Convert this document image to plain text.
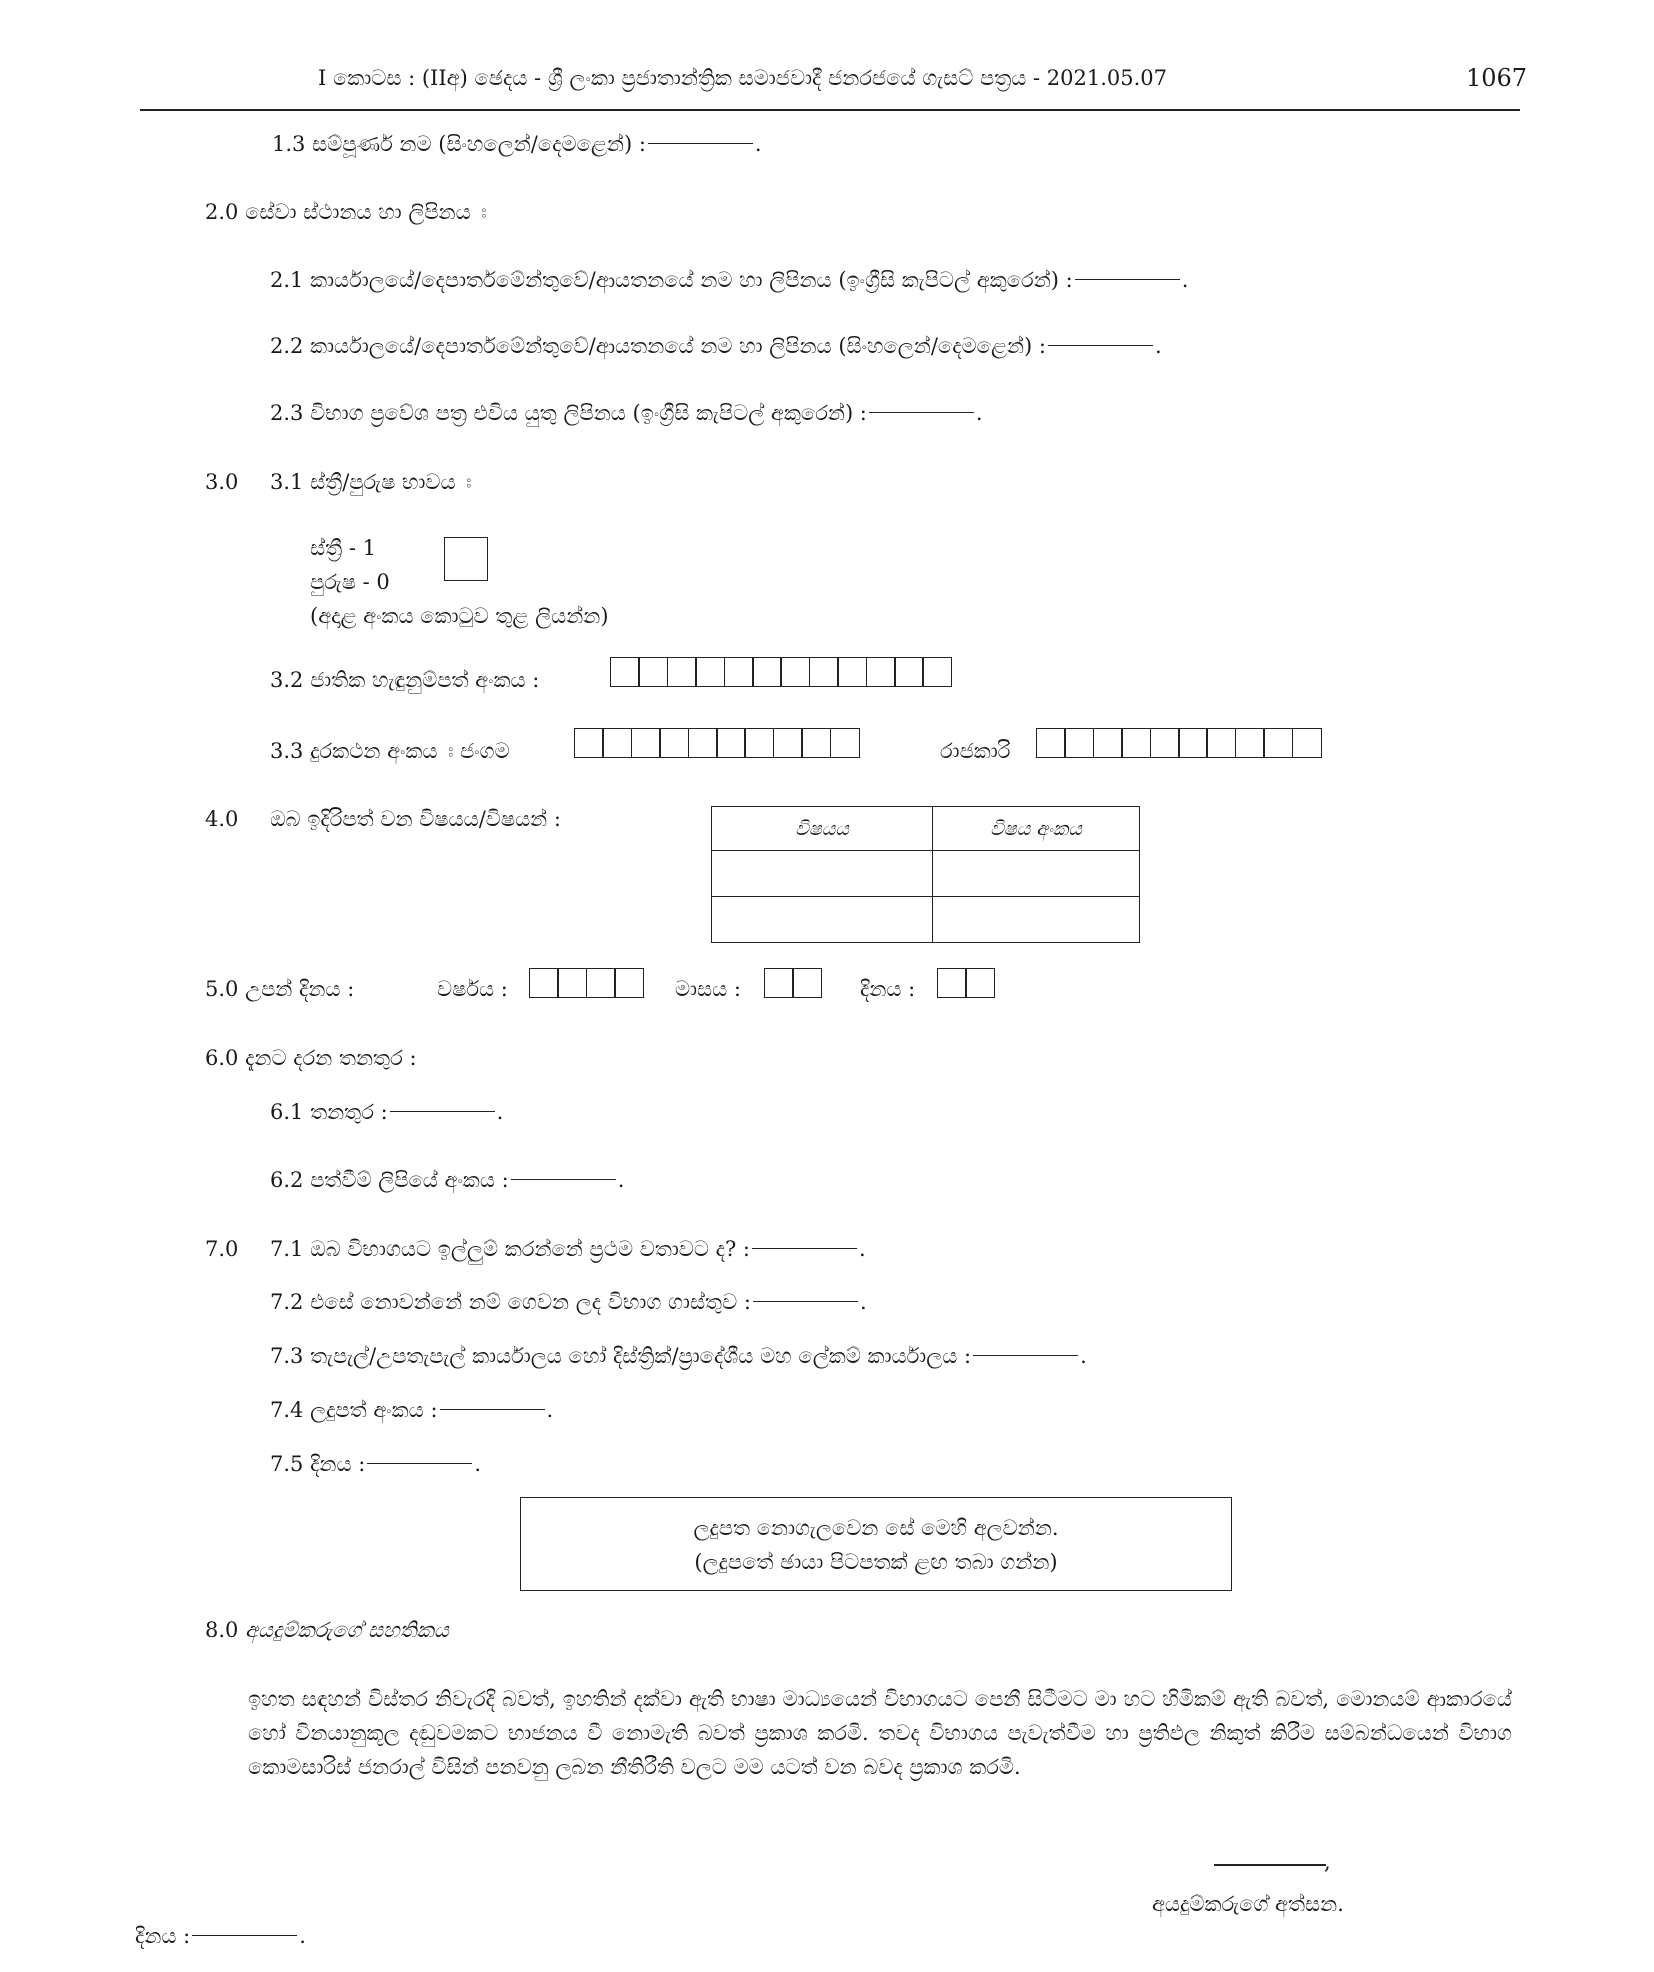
I කොටස : (IIඅ) ඡෙදය - ශ්‍රී ලංකා ප්‍රජාතාන්ත්‍රික සමාජවාදී ජනරජයේ ගැසට් පත්‍රය - 2021.05.07	1067
1.3 සම්පූර්ණ නම (සිංහලෙන්/දෙමළෙන්) :	.
2.0 සේවා ස්ථානය හා ලිපිනය ඃ
2.1 කාර්යාලයේ/දෙපාර්තමේන්තුවේ/ආයතනයේ නම හා ලිපිනය (ඉංග්‍රීසි කැපිටල් අකුරෙන්) :	.
2.2 කාර්යාලයේ/දෙපාර්තමේන්තුවේ/ආයතනයේ නම හා ලිපිනය (සිංහලෙන්/දෙමළෙන්) :	.
2.3 විභාග ප්‍රවේශ පත්‍ර එවිය යුතු ලිපිනය (ඉංග්‍රීසි කැපිටල් අකුරෙන්) :	.
3.0 3.1 ස්ත්‍රී/පුරුෂ භාවය ඃ
ස්ත්‍රී - 1
පුරුෂ - 0
(අදාළ අංකය කොටුව තුළ ලියන්න)
3.2 ජාතික හැඳුනුම්පත් අංකය :
3.3 දුරකථන අංකය ඃ ජංගම	රාජකාරි
4.0 ඔබ ඉදිරිපත් වන විෂයය/විෂයන් :	විෂයය	විෂය අංකය

5.0 උපන් දිනය :	වර්ෂය :	මාසය :	දිනය :
6.0 දැනට දරන තනතුර :
6.1 තනතුර :	.
6.2 පත්වීම් ලිපියේ අංකය :	.
7.0 7.1 ඔබ විභාගයට ඉල්ලුම් කරන්නේ ප්‍රථම වතාවට ද? :	.
7.2 එසේ නොවන්නේ නම් ගෙවන ලද විභාග ගාස්තුව :	.
7.3 තැපැල්/උපතැපැල් කාර්යාලය හෝ දිස්ත්‍රික්/ප්‍රාදේශීය මහ ලේකම් කාර්යාලය :	.
7.4 ලදුපත් අංකය :	.
7.5 දිනය :	.
ලදුපත නොගැලවෙන සේ මෙහි අලවන්න.
(ලදුපතේ ඡායා පිටපතක් ළඟ තබා ගන්න)
8.0 අයදුම්කරුගේ සහතිකය
ඉහත සඳහන් විස්තර නිවැරදි බවත්, ඉහතින් දක්වා ඇති භාෂා මාධ්‍යයෙන් විභාගයට පෙනී සිටීමට මා හට හිමිකම් ඇති බවත්, මොනයම් ආකාරයේ හෝ විනයානුකූල දඬුවමකට භාජනය වී නොමැති බවත් ප්‍රකාශ කරමි. තවද විභාගය පැවැත්වීම හා ප්‍රතිඵල නිකුත් කිරීම සම්බන්ධයෙන් විභාග කොමසාරිස් ජනරාල් විසින් පනවනු ලබන නීතිරීති වලට මම යටත් වන බවද ප්‍රකාශ කරමි.
,
අයදුම්කරුගේ අත්සන.
දිනය :	.
